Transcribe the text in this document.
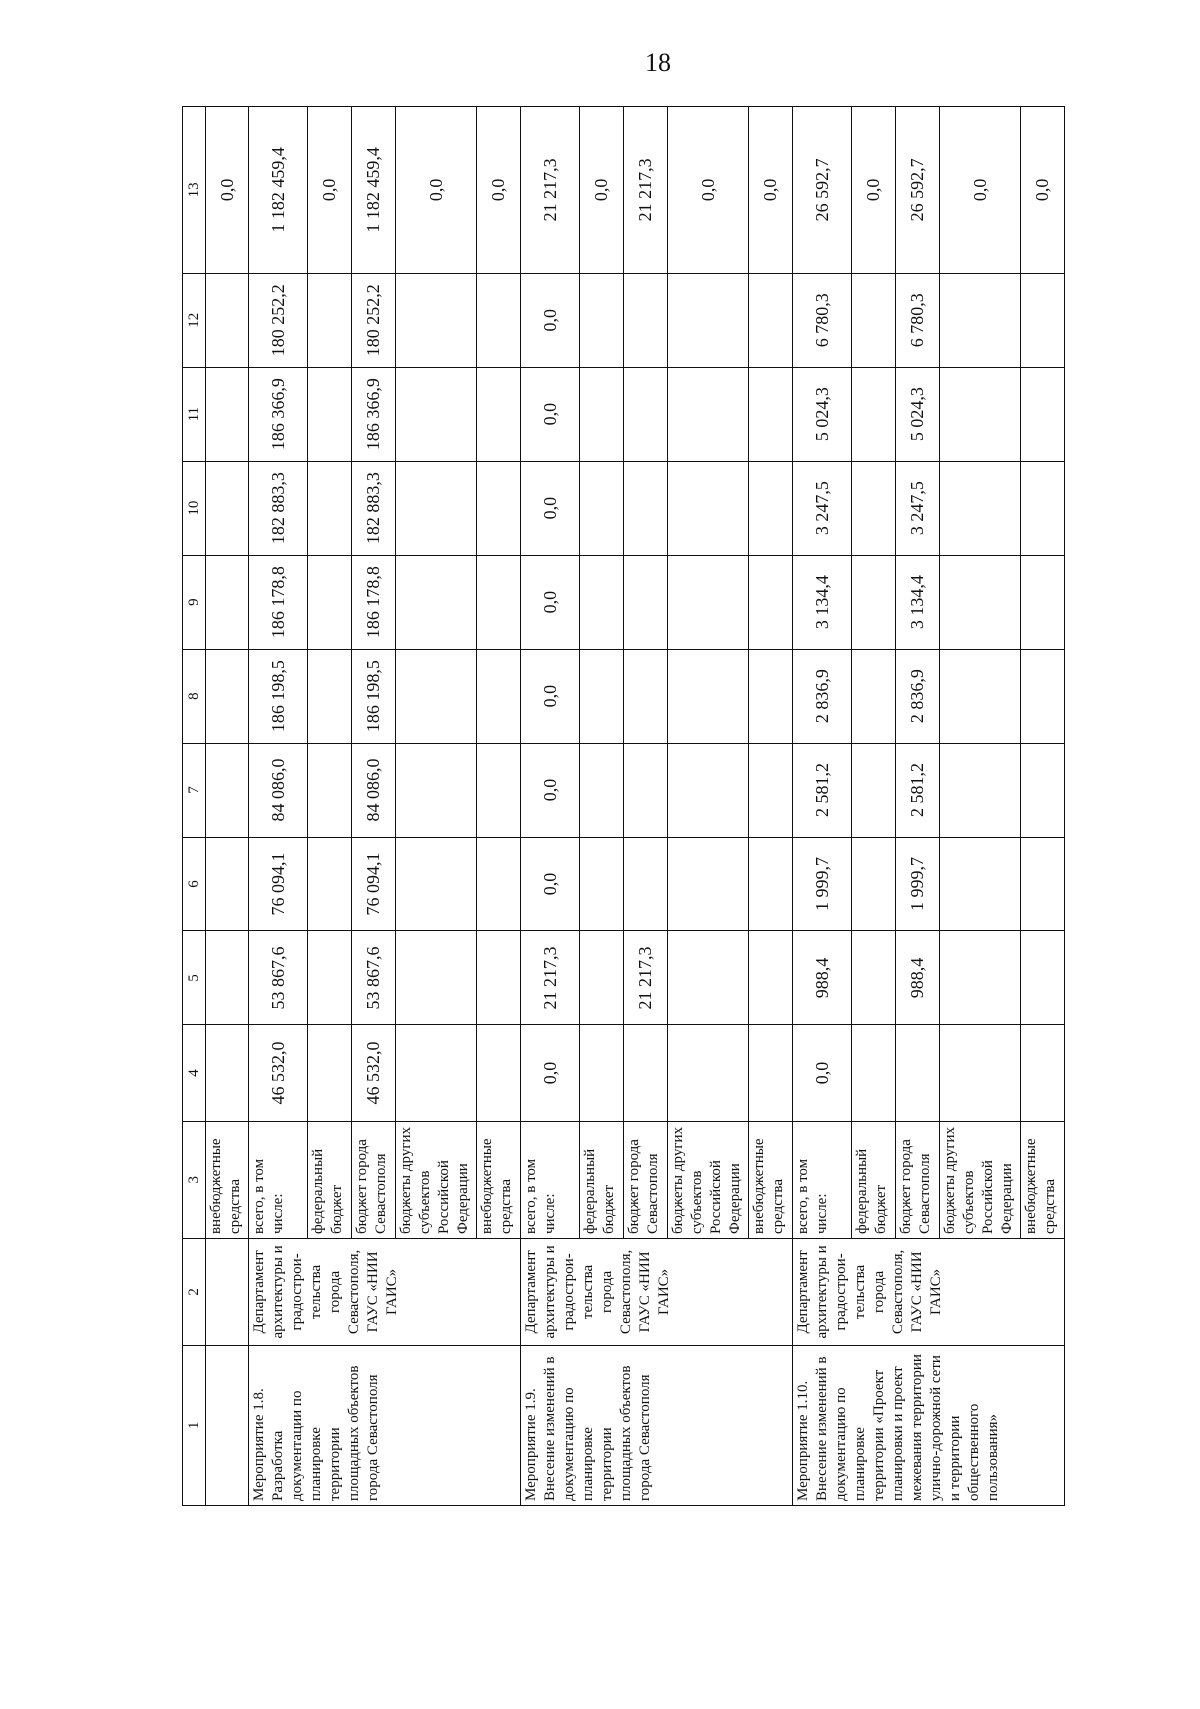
18
1	2	3	4	5	6	7	8	9	10	11	12	13
		внебюджетные средства										0,0
Мероприятие 1.8. Разработка документации по планировке территории площадных объектов города Севастополя	Департамент архитектуры и градострои-тельства города Севастополя, ГАУС «НИИ ГАИС»	всего, в том числе:	46 532,0	53 867,6	76 094,1	84 086,0	186 198,5	186 178,8	182 883,3	186 366,9	180 252,2	1 182 459,4
		федеральный бюджет										0,0
		бюджет города Севастополя	46 532,0	53 867,6	76 094,1	84 086,0	186 198,5	186 178,8	182 883,3	186 366,9	180 252,2	1 182 459,4
		бюджеты других субъектов Российской Федерации										0,0
		внебюджетные средства										0,0
Мероприятие 1.9. Внесение изменений в документацию по планировке территории площадных объектов города Севастополя	Департамент архитектуры и градострои-тельства города Севастополя, ГАУС «НИИ ГАИС»	всего, в том числе:	0,0	21 217,3	0,0	0,0	0,0	0,0	0,0	0,0	0,0	21 217,3
		федеральный бюджет										0,0
		бюджет города Севастополя		21 217,3								21 217,3
		бюджеты других субъектов Российской Федерации										0,0
		внебюджетные средства										0,0
Мероприятие 1.10. Внесение изменений в документацию по планировке территории «Проект планировки и проект межевания территории улично-дорожной сети и территории общественного пользования»	Департамент архитектуры и градострои-тельства города Севастополя, ГАУС «НИИ ГАИС»	всего, в том числе:	0,0	988,4	1 999,7	2 581,2	2 836,9	3 134,4	3 247,5	5 024,3	6 780,3	26 592,7
		федеральный бюджет										0,0
		бюджет города Севастополя		988,4	1 999,7	2 581,2	2 836,9	3 134,4	3 247,5	5 024,3	6 780,3	26 592,7
		бюджеты других субъектов Российской Федерации										0,0
		внебюджетные средства										0,0
